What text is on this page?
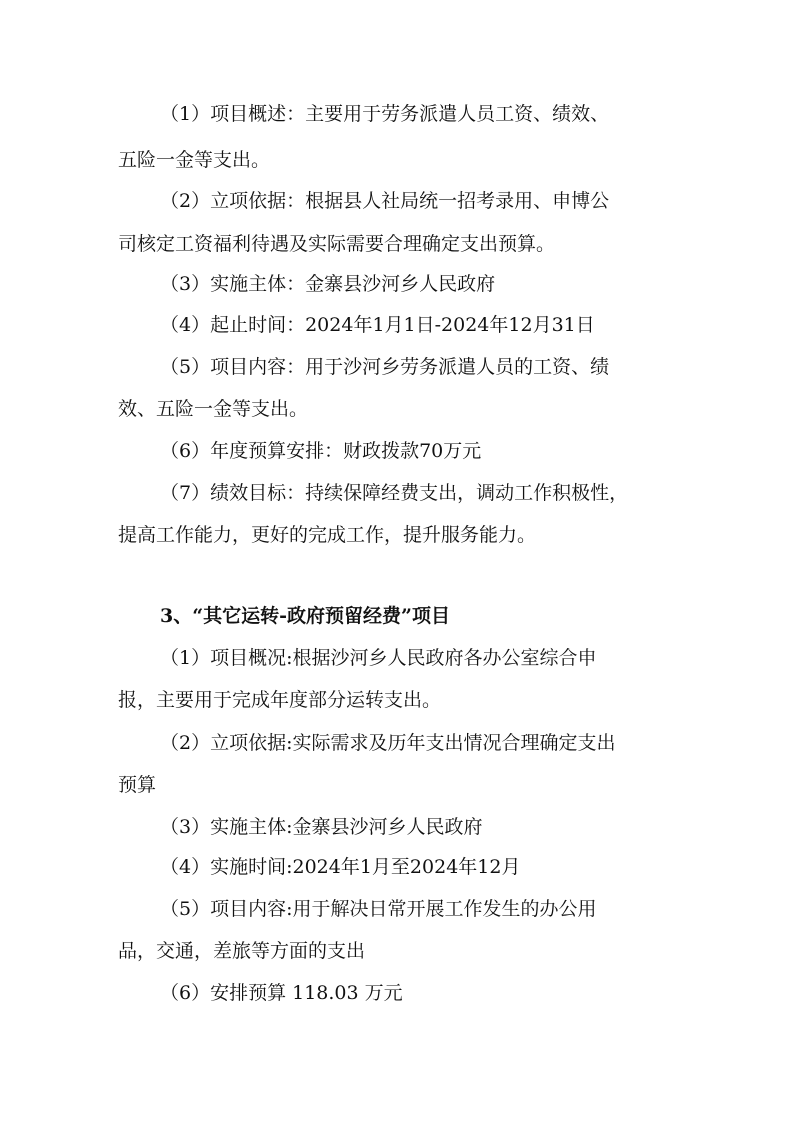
（1）项目概述：主要用于劳务派遣人员工资、绩效、
五险一金等支出。
（2）立项依据：根据县人社局统一招考录用、申博公
司核定工资福利待遇及实际需要合理确定支出预算。
（3）实施主体：金寨县沙河乡人民政府
（4）起止时间：2024年1月1日-2024年12月31日
（5）项目内容：用于沙河乡劳务派遣人员的工资、绩
效、五险一金等支出。
（6）年度预算安排：财政拨款70万元
（7）绩效目标：持续保障经费支出，调动工作积极性，
提高工作能力，更好的完成工作，提升服务能力。
3、“其它运转-政府预留经费”项目
（1）项目概况:根据沙河乡人民政府各办公室综合申
报，主要用于完成年度部分运转支出。
（2）立项依据:实际需求及历年支出情况合理确定支出
预算
（3）实施主体:金寨县沙河乡人民政府
（4）实施时间:2024年1月至2024年12月
（5）项目内容:用于解决日常开展工作发生的办公用
品，交通，差旅等方面的支出
（6）安排预算 118.03 万元
